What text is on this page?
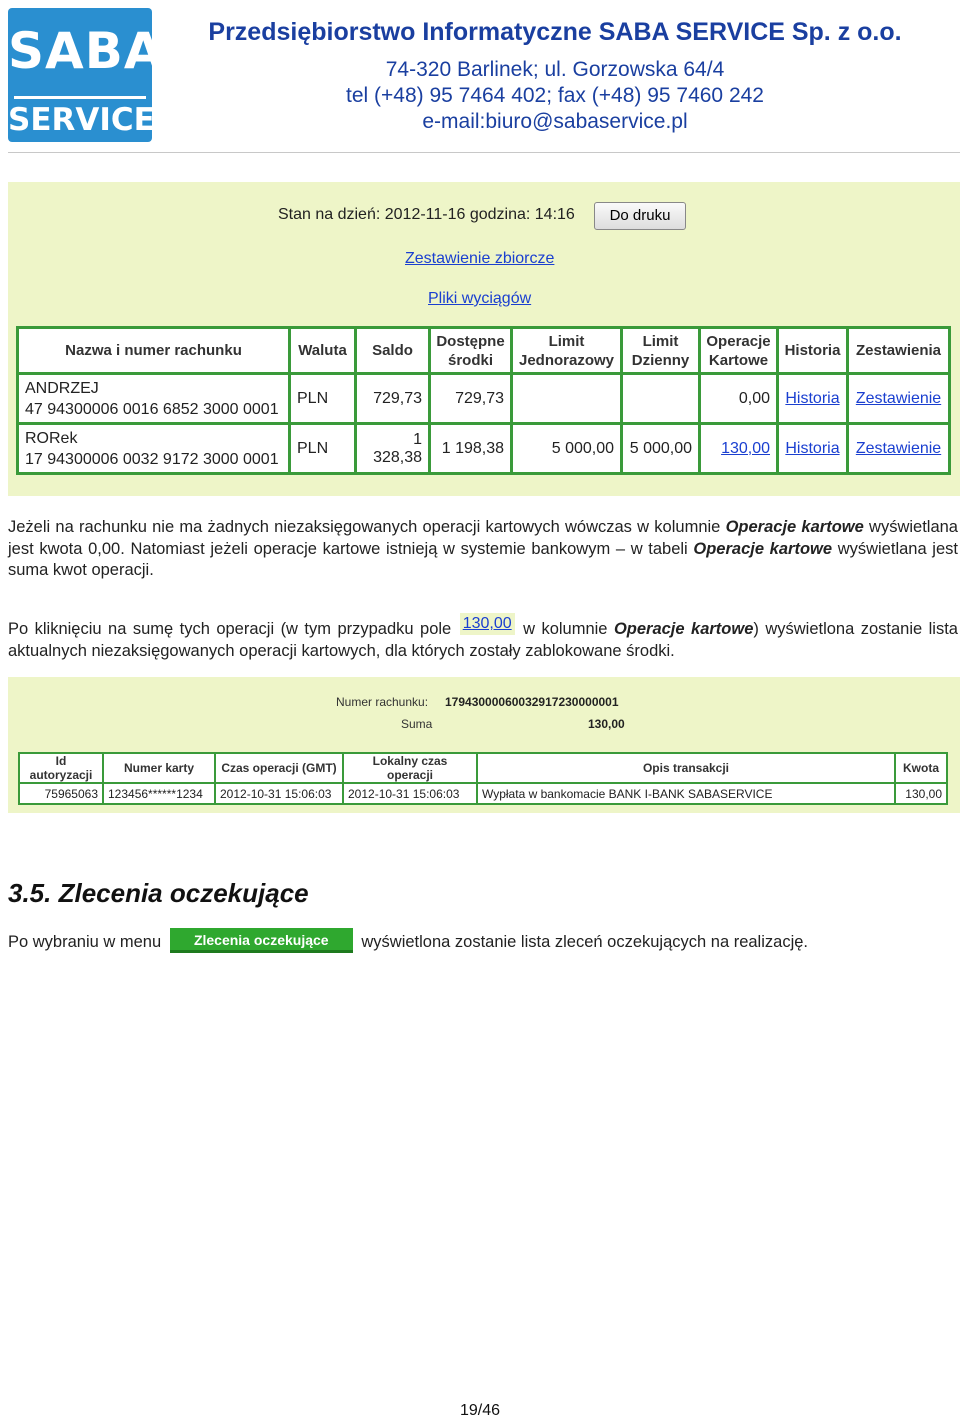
SABA
SERVICE
Przedsiębiorstwo Informatyczne SABA SERVICE Sp. z o.o.
74-320 Barlinek; ul. Gorzowska 64/4
tel (+48) 95 7464 402; fax (+48) 95 7460 242
e-mail:biuro@sabaservice.pl
Stan na dzień: 2012-11-16 godzina: 14:16	Do druku
Zestawienie zbiorcze
Pliki wyciągów
Nazwa i numer rachunku	Waluta	Saldo	Dostępne środki	Limit Jednorazowy	Limit Dzienny	Operacje Kartowe	Historia	Zestawienia

ANDRZEJ
47 94300006 0016 6852 3000 0001	PLN	729,73	729,73			0,00	Historia	Zestawienie

RORek
17 94300006 0032 9172 3000 0001	PLN	1 328,38	1 198,38	5 000,00	5 000,00	130,00	Historia	Zestawienie

Jeżeli na rachunku nie ma żadnych niezaksięgowanych operacji kartowych wówczas w kolumnie Operacje kartowe wyświetlana jest kwota 0,00. Natomiast jeżeli operacje kartowe istnieją w systemie bankowym – w tabeli Operacje kartowe wyświetlana jest suma kwot operacji.

Po kliknięciu na sumę tych operacji (w tym przypadku pole 130,00 w kolumnie Operacje kartowe) wyświetlona zostanie lista aktualnych niezaksięgowanych operacji kartowych, dla których zostały zablokowane środki.

Numer rachunku: 17943000060032917230000001
Suma	130,00
Id autoryzacji	Numer karty	Czas operacji (GMT)	Lokalny czas operacji	Opis transakcji	Kwota
75965063	123456******1234	2012-10-31 15:06:03	2012-10-31 15:06:03	Wypłata w bankomacie BANK I-BANK SABASERVICE	130,00
3.5. Zlecenia oczekujące
Po wybraniu w menu Zlecenia oczekujące wyświetlona zostanie lista zleceń oczekujących na realizację.
19/46
